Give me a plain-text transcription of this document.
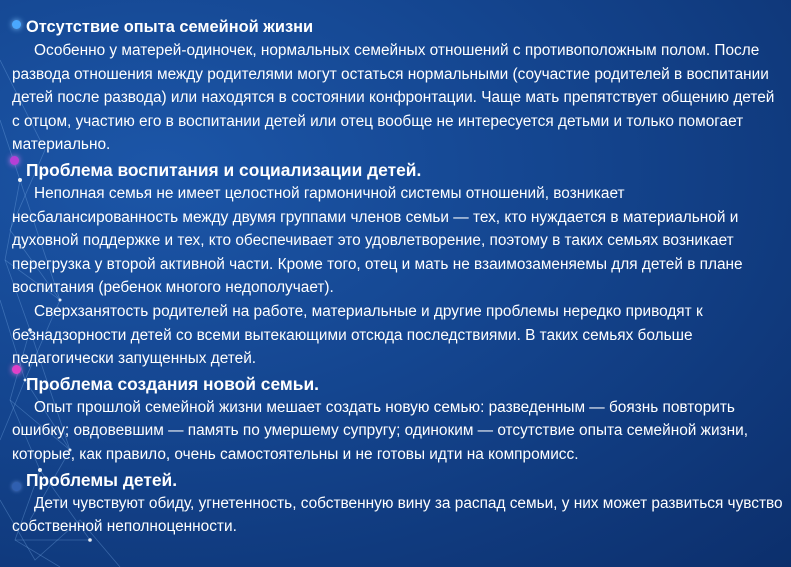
Отсутствие опыта семейной жизни

Особенно у матерей-одиночек, нормальных семейных отношений с противоположным полом. После развода отношения между родителями могут остаться нормальными (соучастие родителей в воспитании детей после развода) или находятся в состоянии конфронтации. Чаще мать препятствует общению детей с отцом, участию его в воспитании детей или отец вообще не интересуется детьми и только помогает материально.

Проблема воспитания и социализации детей.

Неполная семья не имеет целостной гармоничной системы отношений, возникает несбалансированность между двумя группами членов семьи — тех, кто нуждается в материальной и духовной поддержке и тех, кто обеспечивает это удовлетворение, поэтому в таких семьях возникает перегрузка у второй активной части. Кроме того, отец и мать не взаимозаменяемы для детей в плане воспитания (ребенок многого недополучает).

Сверхзанятость родителей на работе, материальные и другие проблемы нередко приводят к безнадзорности детей со всеми вытекающими отсюда последствиями. В таких семьях больше педагогически запущенных детей.

Проблема создания новой семьи.

Опыт прошлой семейной жизни мешает создать новую семью: разведенным — боязнь повторить ошибку; овдовевшим — память по умершему супругу; одиноким — отсутствие опыта семейной жизни, которые, как правило, очень самостоятельны и не готовы идти на компромисс.

Проблемы детей.

Дети чувствуют обиду, угнетенность, собственную вину за распад семьи, у них может развиться чувство собственной неполноценности.
